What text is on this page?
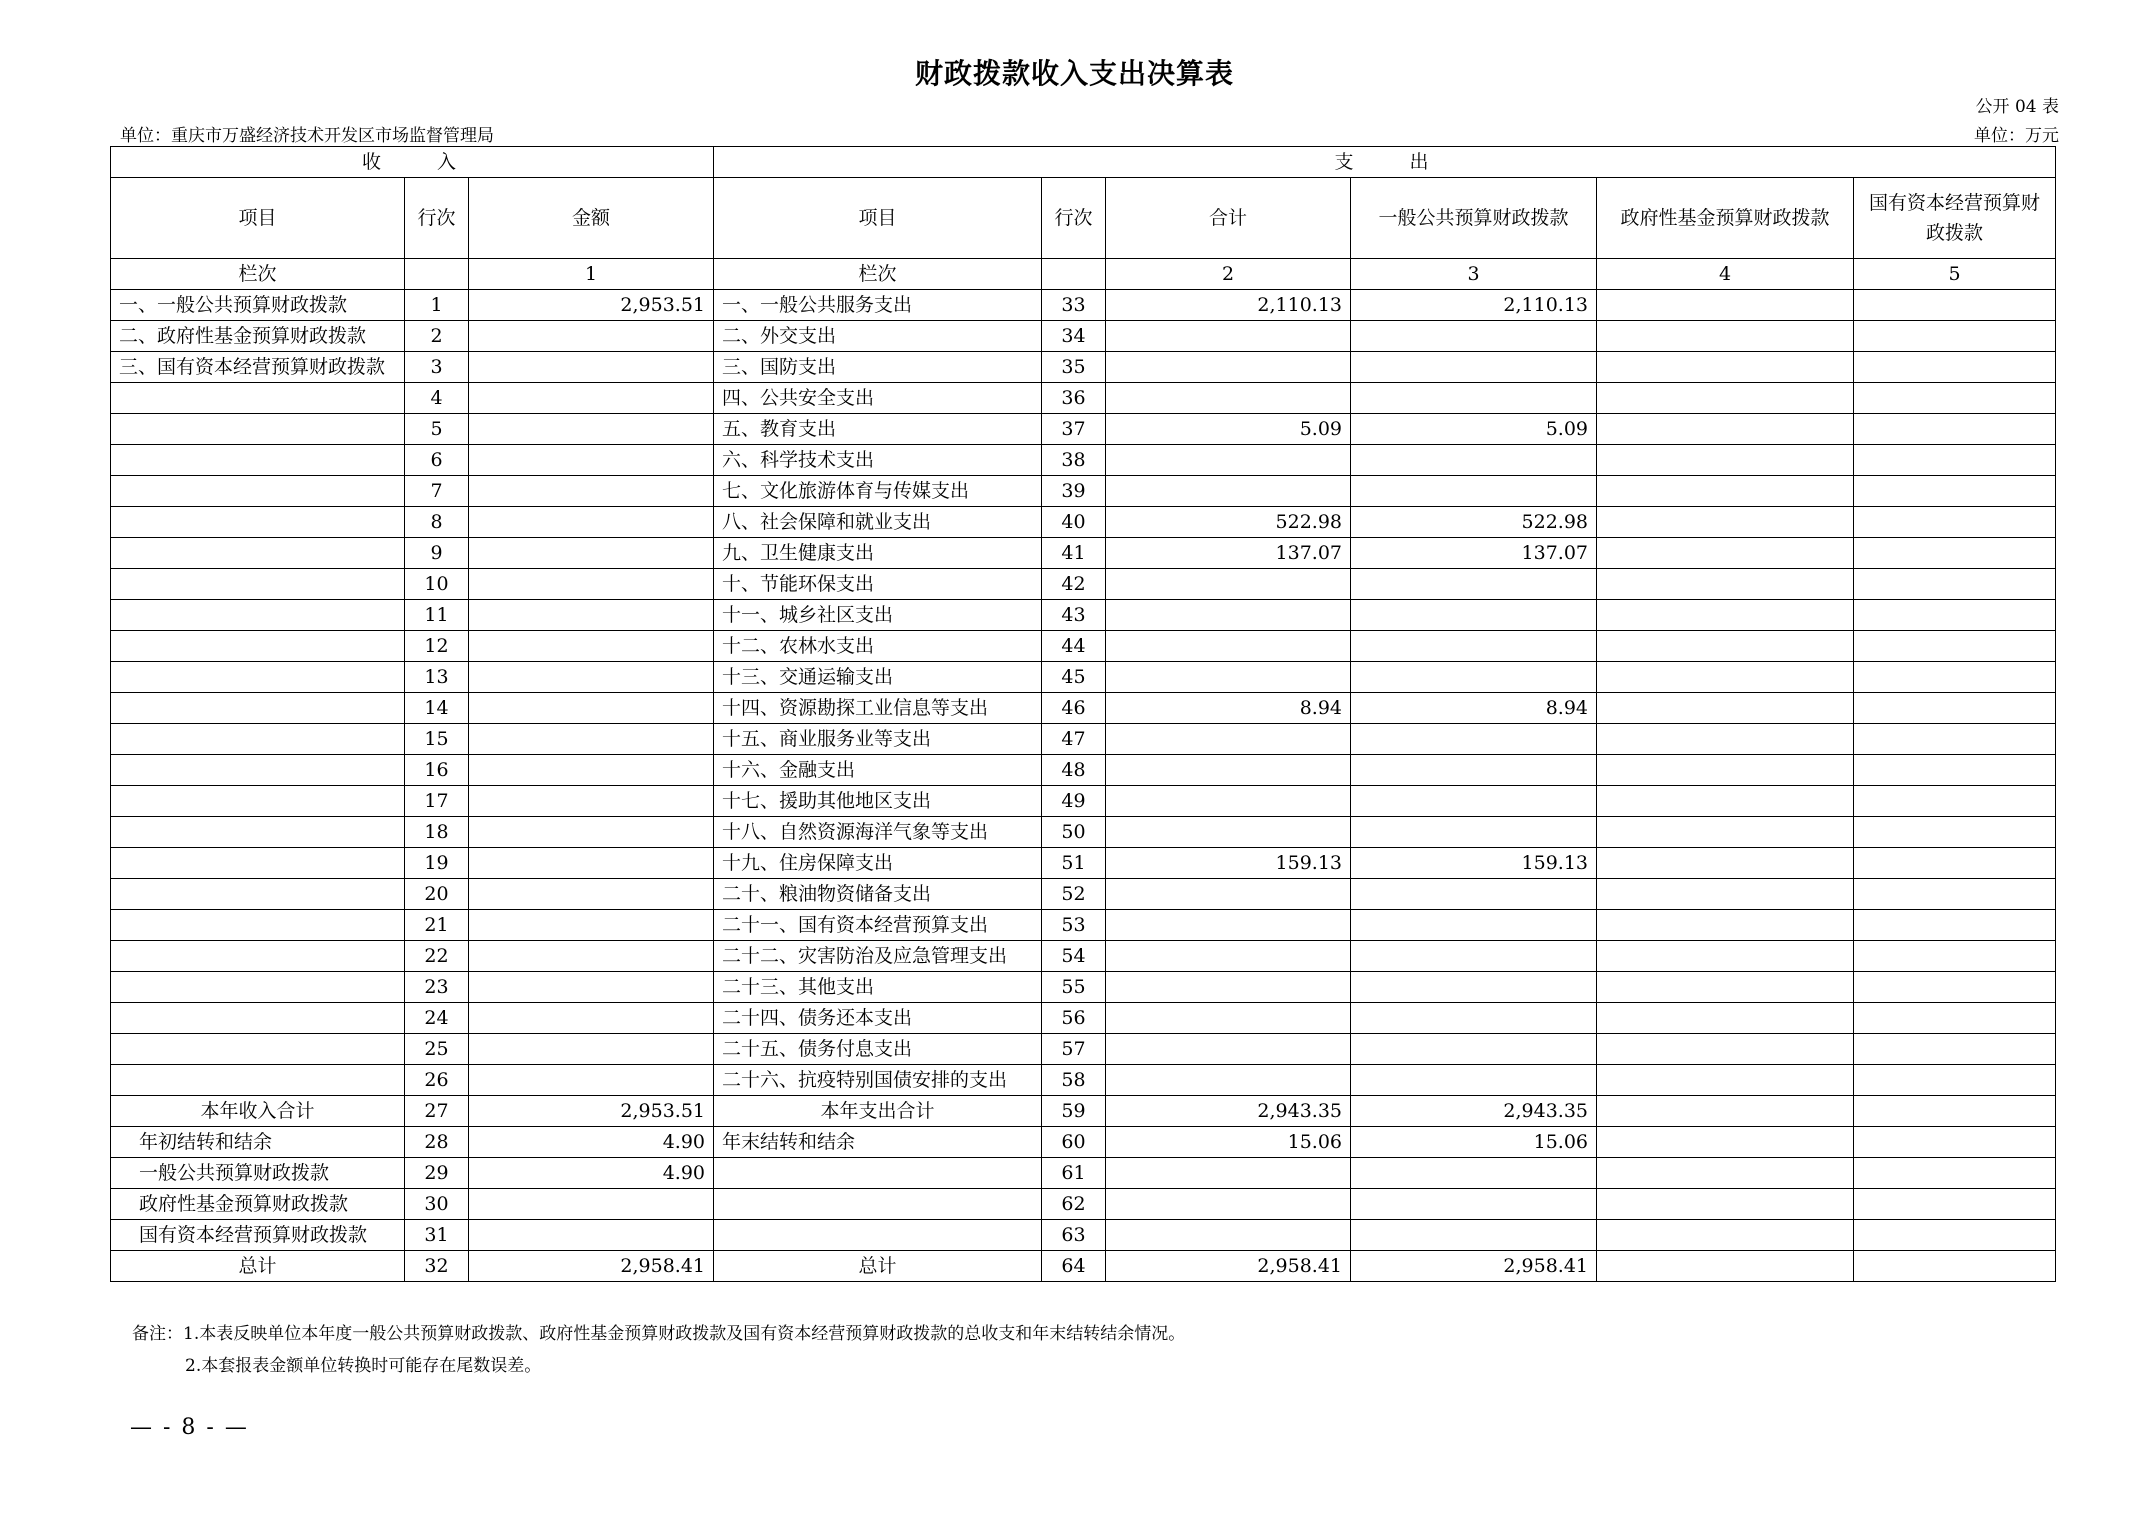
财政拨款收入支出决算表
公开 04 表
单位：重庆市万盛经济技术开发区市场监督管理局	单位：万元
收　　入			支　　出					
项目	行次	金额	项目	行次	合计	一般公共预算财政拨款	政府性基金预算财政拨款	国有资本经营预算财政拨款
栏次		1	栏次		2	3	4	5
一、一般公共预算财政拨款	1	2,953.51	一、一般公共服务支出	33	2,110.13	2,110.13		
二、政府性基金预算财政拨款	2		二、外交支出	34				
三、国有资本经营预算财政拨款	3		三、国防支出	35				
	4		四、公共安全支出	36				
	5		五、教育支出	37	5.09	5.09		
	6		六、科学技术支出	38				
	7		七、文化旅游体育与传媒支出	39				
	8		八、社会保障和就业支出	40	522.98	522.98		
	9		九、卫生健康支出	41	137.07	137.07		
	10		十、节能环保支出	42				
	11		十一、城乡社区支出	43				
	12		十二、农林水支出	44				
	13		十三、交通运输支出	45				
	14		十四、资源勘探工业信息等支出	46	8.94	8.94		
	15		十五、商业服务业等支出	47				
	16		十六、金融支出	48				
	17		十七、援助其他地区支出	49				
	18		十八、自然资源海洋气象等支出	50				
	19		十九、住房保障支出	51	159.13	159.13		
	20		二十、粮油物资储备支出	52				
	21		二十一、国有资本经营预算支出	53				
	22		二十二、灾害防治及应急管理支出	54				
	23		二十三、其他支出	55				
	24		二十四、债务还本支出	56				
	25		二十五、债务付息支出	57				
	26		二十六、抗疫特别国债安排的支出	58				
本年收入合计	27	2,953.51	本年支出合计	59	2,943.35	2,943.35		
年初结转和结余	28	4.90	年末结转和结余	60	15.06	15.06		
一般公共预算财政拨款	29	4.90		61				
政府性基金预算财政拨款	30			62				
国有资本经营预算财政拨款	31			63				
总计	32	2,958.41	总计	64	2,958.41	2,958.41		
备注：1.本表反映单位本年度一般公共预算财政拨款、政府性基金预算财政拨款及国有资本经营预算财政拨款的总收支和年末结转结余情况。
2.本套报表金额单位转换时可能存在尾数误差。
— - 8 - —
